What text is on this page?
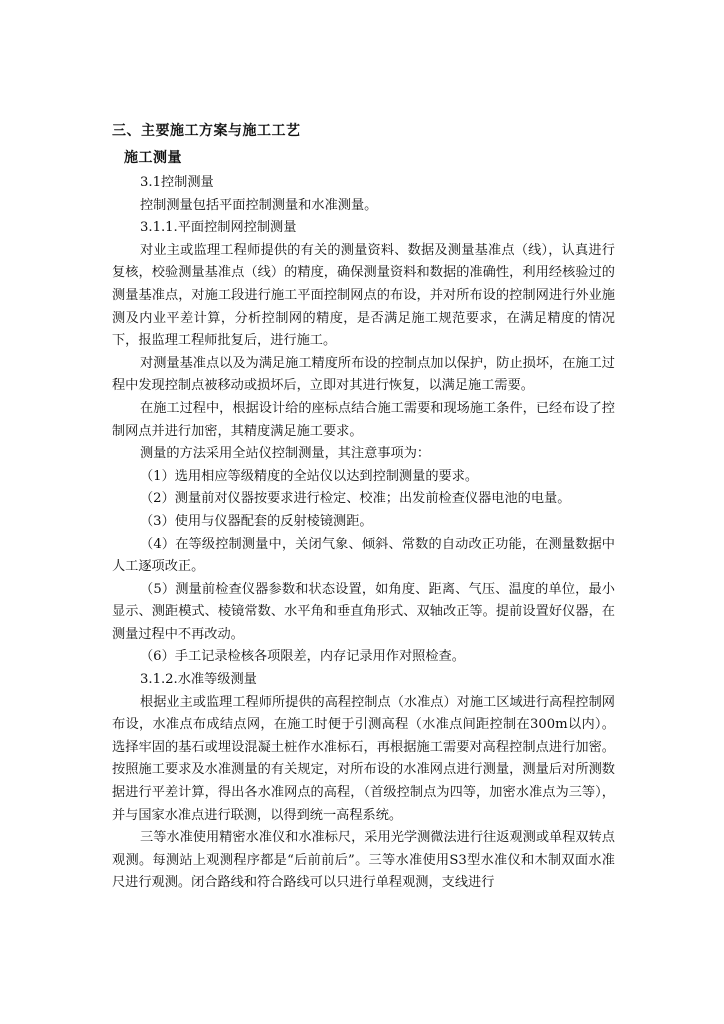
三、主要施工方案与施工工艺
施工测量

3.1控制测量

控制测量包括平面控制测量和水准测量。

3.1.1.平面控制网控制测量

对业主或监理工程师提供的有关的测量资料、数据及测量基准点（线），认真进行复核，校验测量基准点（线）的精度，确保测量资料和数据的准确性，利用经核验过的测量基准点，对施工段进行施工平面控制网点的布设，并对所布设的控制网进行外业施测及内业平差计算，分析控制网的精度，是否满足施工规范要求，在满足精度的情况下，报监理工程师批复后，进行施工。

对测量基准点以及为满足施工精度所布设的控制点加以保护，防止损坏，在施工过程中发现控制点被移动或损坏后，立即对其进行恢复，以满足施工需要。

在施工过程中，根据设计给的座标点结合施工需要和现场施工条件，已经布设了控制网点并进行加密，其精度满足施工要求。

测量的方法采用全站仪控制测量，其注意事项为：

（1）选用相应等级精度的全站仪以达到控制测量的要求。

（2）测量前对仪器按要求进行检定、校准；出发前检查仪器电池的电量。

（3）使用与仪器配套的反射棱镜测距。

（4）在等级控制测量中，关闭气象、倾斜、常数的自动改正功能，在测量数据中人工逐项改正。

（5）测量前检查仪器参数和状态设置，如角度、距离、气压、温度的单位，最小显示、测距模式、棱镜常数、水平角和垂直角形式、双轴改正等。提前设置好仪器，在测量过程中不再改动。

（6）手工记录检核各项限差，内存记录用作对照检查。

3.1.2.水准等级测量

根据业主或监理工程师所提供的高程控制点（水准点）对施工区域进行高程控制网布设，水准点布成结点网，在施工时便于引测高程（水准点间距控制在300m以内）。选择牢固的基石或埋设混凝土桩作水准标石，再根据施工需要对高程控制点进行加密。按照施工要求及水准测量的有关规定，对所布设的水准网点进行测量，测量后对所测数据进行平差计算，得出各水准网点的高程，（首级控制点为四等，加密水准点为三等），并与国家水准点进行联测，以得到统一高程系统。

三等水准使用精密水准仪和水准标尺，采用光学测微法进行往返观测或单程双转点观测。每测站上观测程序都是“后前前后”。三等水准使用S3型水准仪和木制双面水准尺进行观测。闭合路线和符合路线可以只进行单程观测，支线进行
